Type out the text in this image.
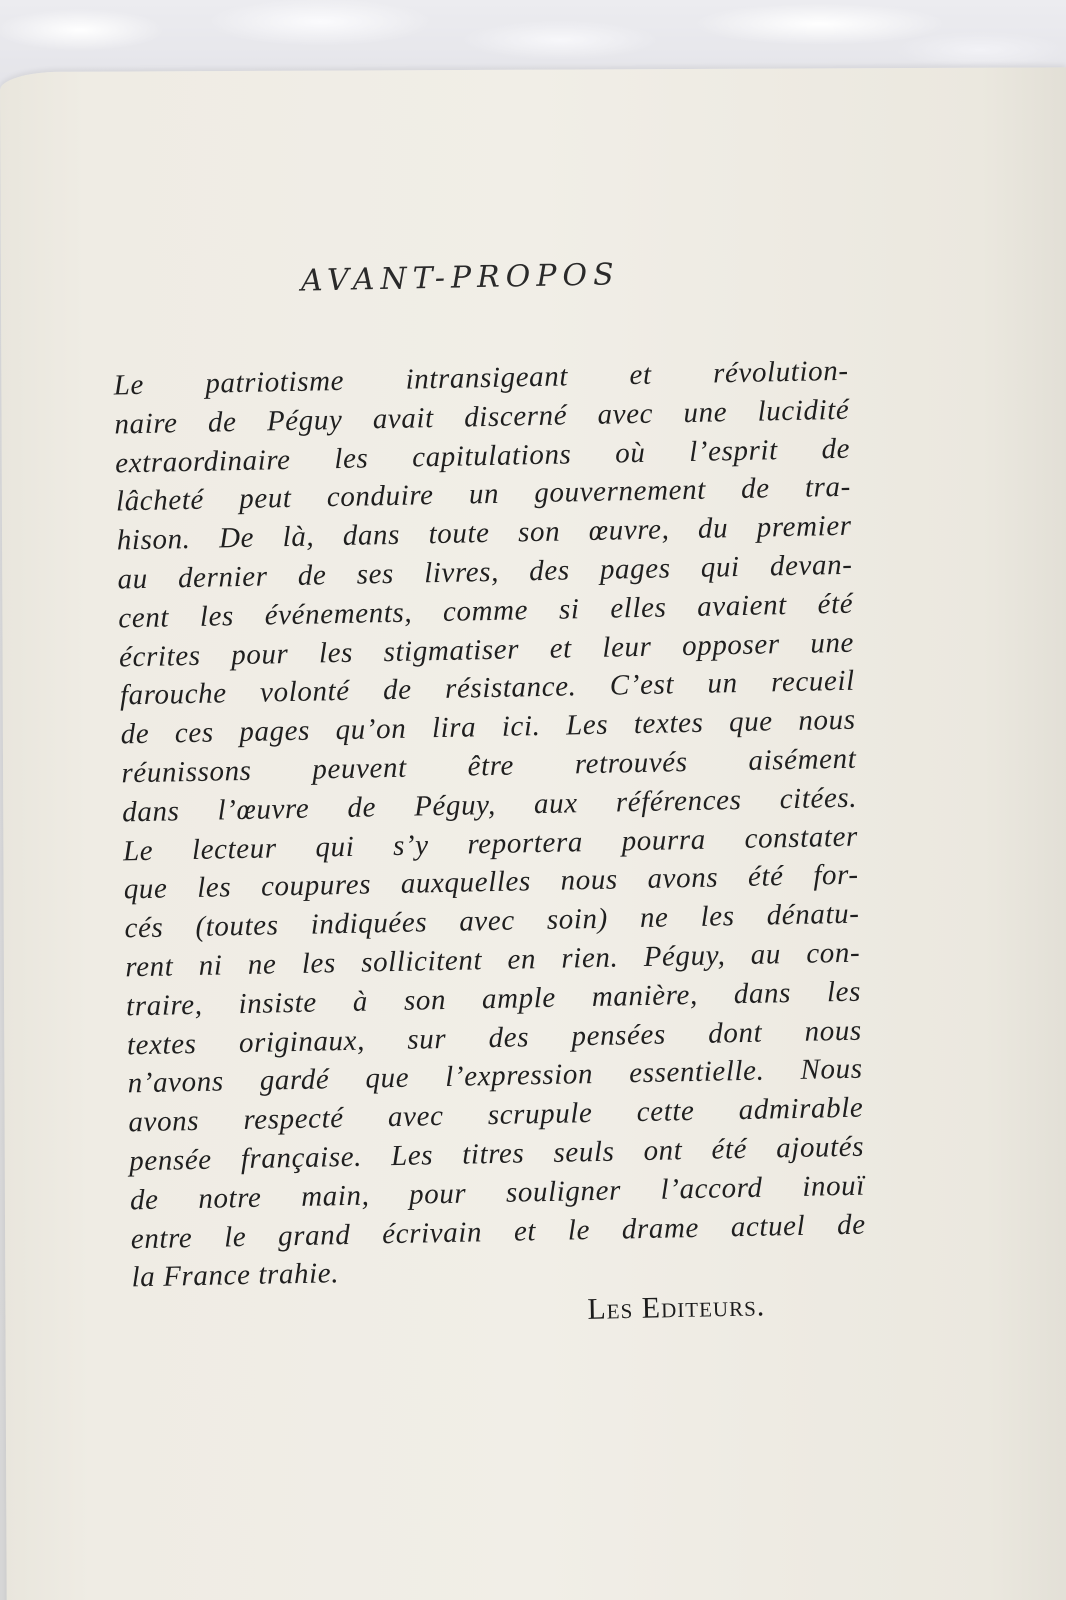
AVANT-PROPOS
Le patriotisme intransigeant et révolution-
naire de Péguy avait discerné avec une lucidité
extraordinaire les capitulations où l’esprit de
lâcheté peut conduire un gouvernement de tra-
hison. De là, dans toute son œuvre, du premier
au dernier de ses livres, des pages qui devan-
cent les événements, comme si elles avaient été
écrites pour les stigmatiser et leur opposer une
farouche volonté de résistance. C’est un recueil
de ces pages qu’on lira ici. Les textes que nous
réunissons peuvent être retrouvés aisément
dans l’œuvre de Péguy, aux références citées.
Le lecteur qui s’y reportera pourra constater
que les coupures auxquelles nous avons été for-
cés (toutes indiquées avec soin) ne les dénatu-
rent ni ne les sollicitent en rien. Péguy, au con-
traire, insiste à son ample manière, dans les
textes originaux, sur des pensées dont nous
n’avons gardé que l’expression essentielle. Nous
avons respecté avec scrupule cette admirable
pensée française. Les titres seuls ont été ajoutés
de notre main, pour souligner l’accord inouï
entre le grand écrivain et le drame actuel de
la France trahie.

Les Editeurs.
